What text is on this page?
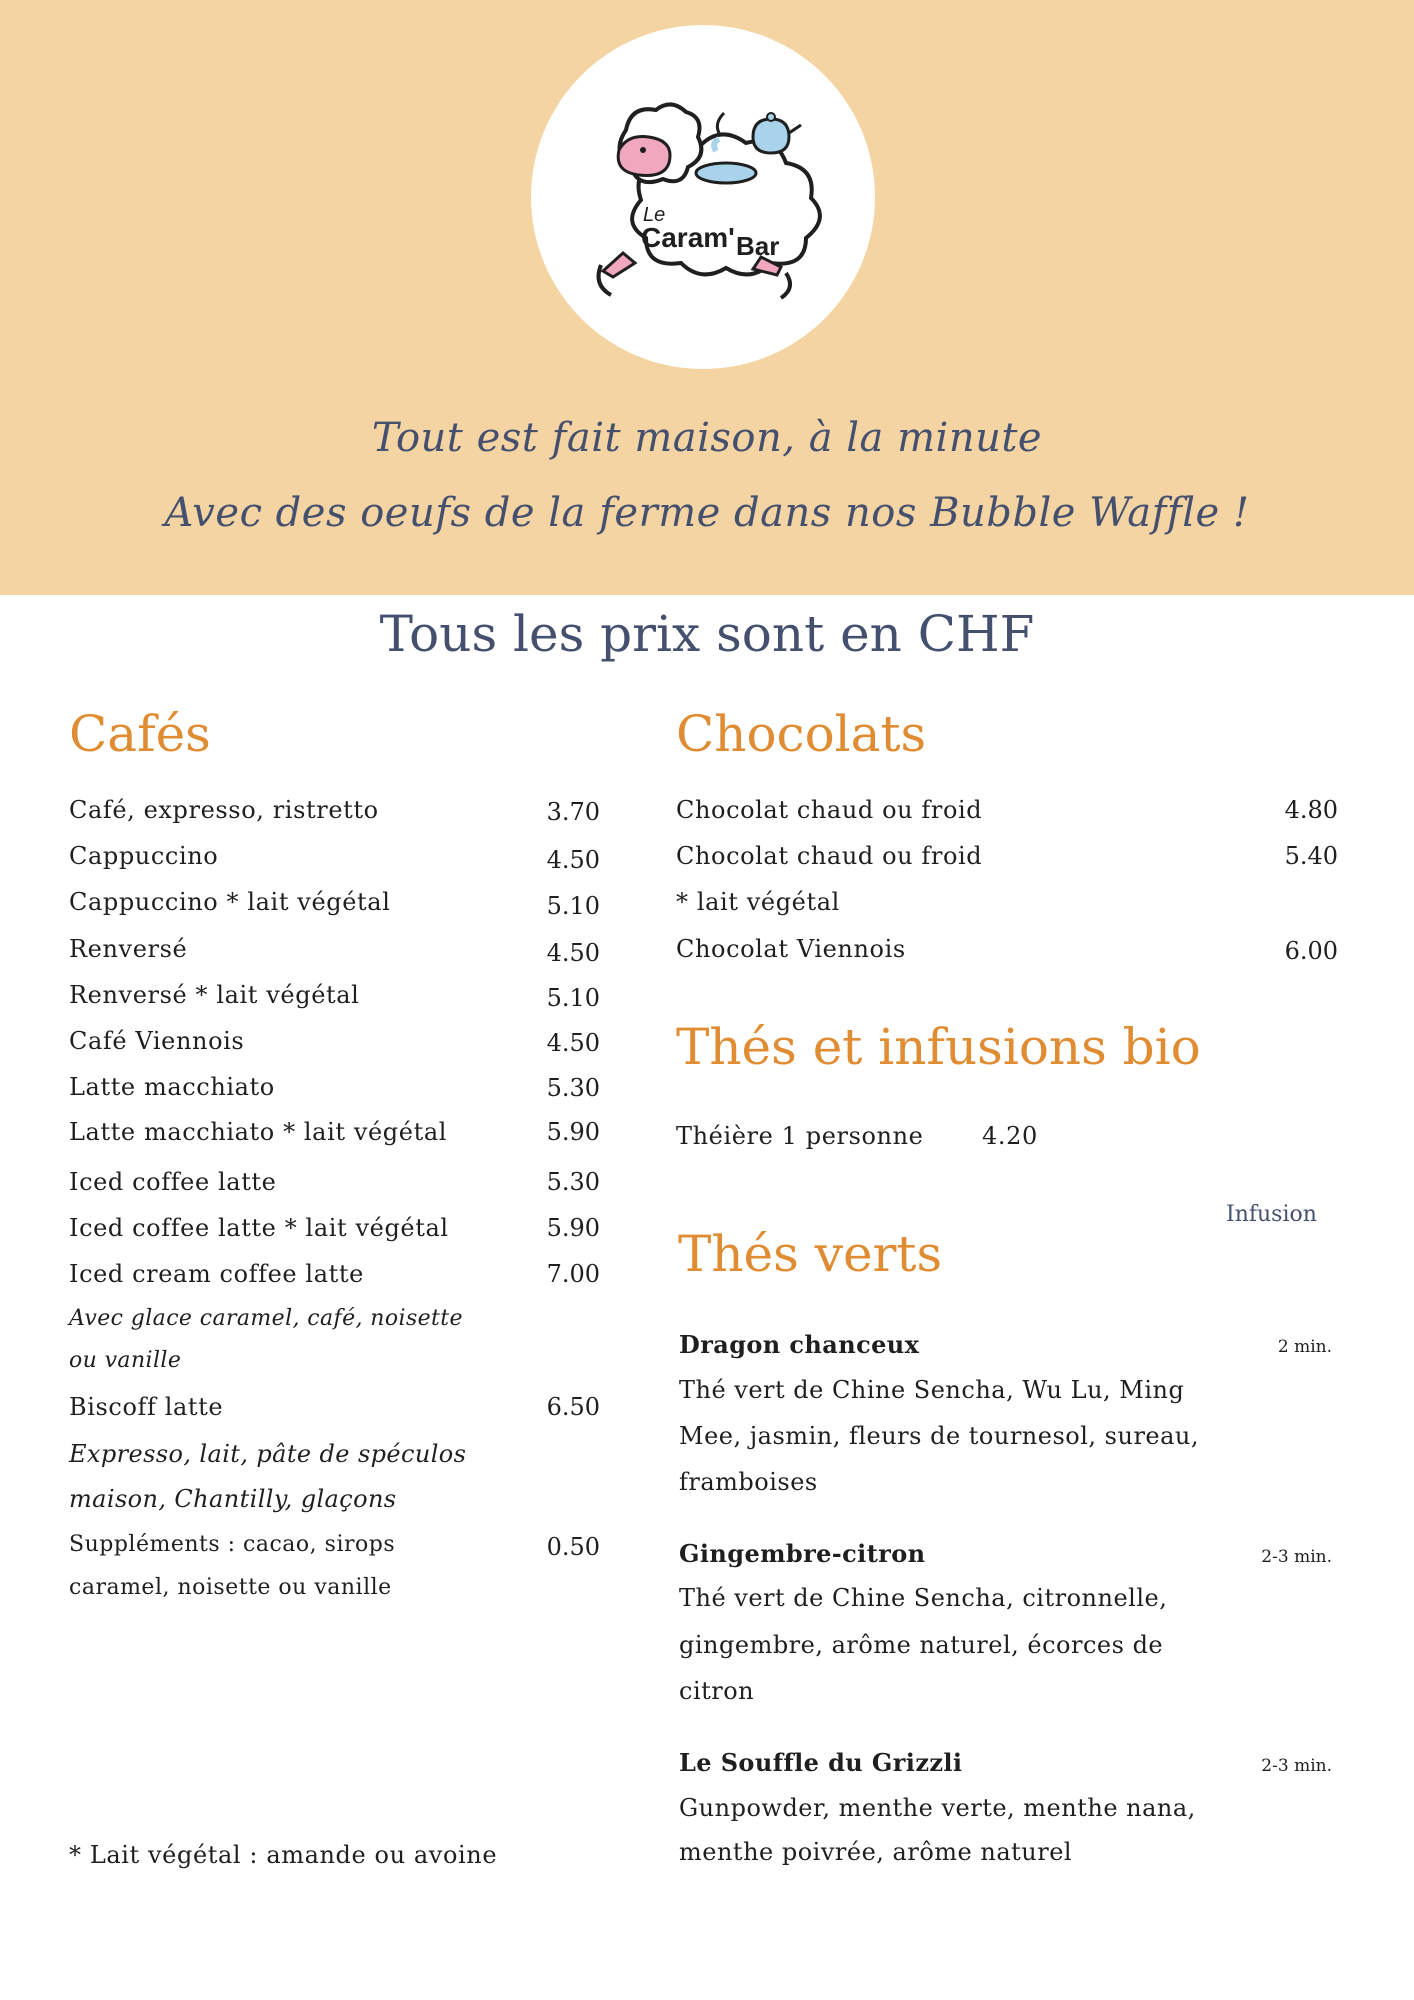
Le
Caram' Bar
Tout est fait maison, à la minute
Avec des oeufs de la ferme dans nos Bubble Waffle !
Tous les prix sont en CHF
Cafés
Café, expresso, ristretto	3.70
Cappuccino	4.50
Cappuccino * lait végétal	5.10
Renversé	4.50
Renversé * lait végétal	5.10
Café Viennois	4.50
Latte macchiato	5.30
Latte macchiato * lait végétal	5.90
Iced coffee latte	5.30
Iced coffee latte * lait végétal	5.90
Iced cream coffee latte	7.00
Avec glace caramel, café, noisette
ou vanille
Biscoff latte	6.50
Expresso, lait, pâte de spéculos
maison, Chantilly, glaçons
Suppléments : cacao, sirops	0.50
caramel, noisette ou vanille
* Lait végétal : amande ou avoine
Chocolats
Chocolat chaud ou froid	4.80
Chocolat chaud ou froid	5.40
* lait végétal
Chocolat Viennois	6.00
Thés et infusions bio
Théière 1 personne 4.20
Infusion
Thés verts
Dragon chanceux	2 min.
Thé vert de Chine Sencha, Wu Lu, Ming
Mee, jasmin, fleurs de tournesol, sureau,
framboises
Gingembre-citron	2-3 min.
Thé vert de Chine Sencha, citronnelle,
gingembre, arôme naturel, écorces de
citron
Le Souffle du Grizzli	2-3 min.
Gunpowder, menthe verte, menthe nana,
menthe poivrée, arôme naturel
